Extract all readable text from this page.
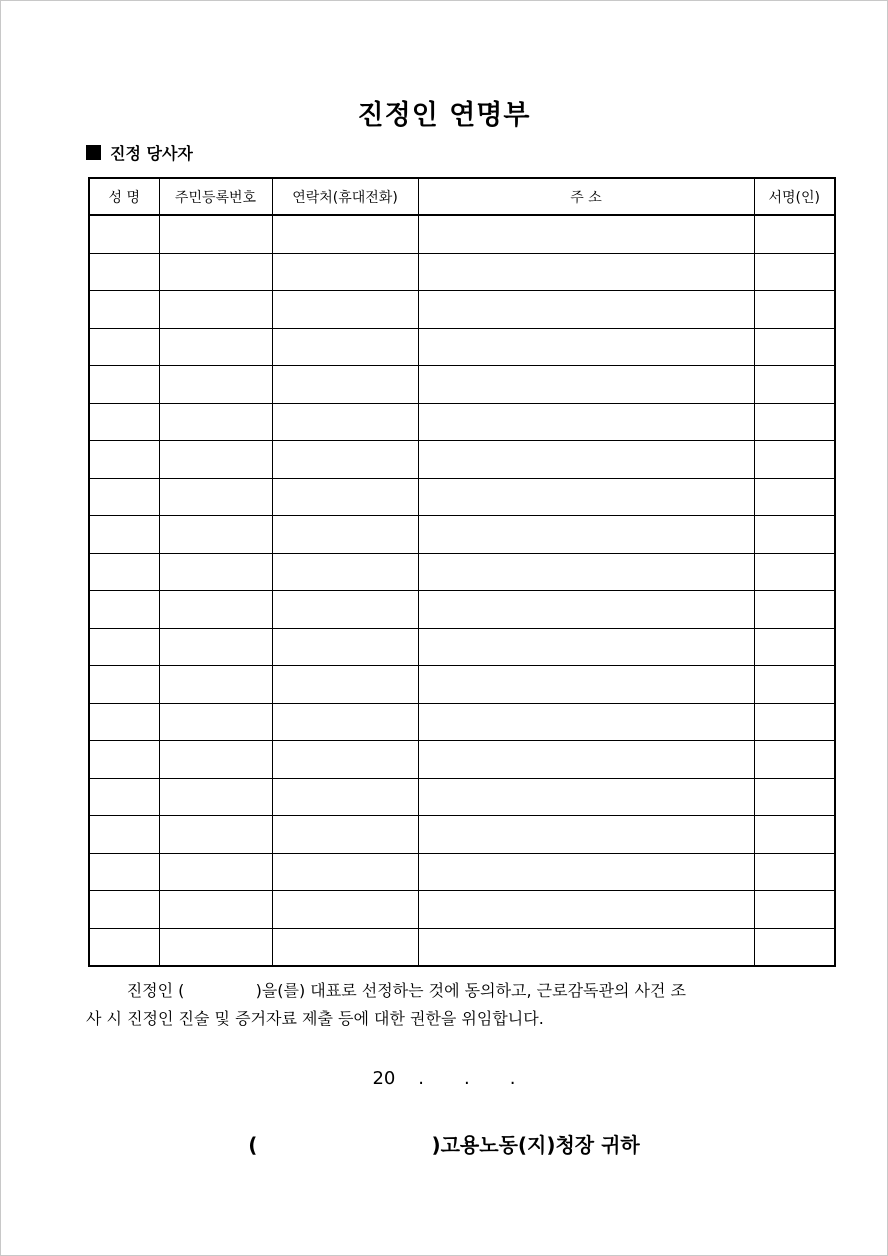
진정인 연명부
진정 당사자
성 명	주민등록번호	연락처(휴대전화)	주 소	서명(인)

진정인 (              )을(를) 대표로 선정하는 것에 동의하고, 근로감독관의 사건 조
사 시 진정인 진술 및 증거자료 제출 등에 대한 권한을 위임합니다.
20    .       .       .
(                         )고용노동(지)청장 귀하
